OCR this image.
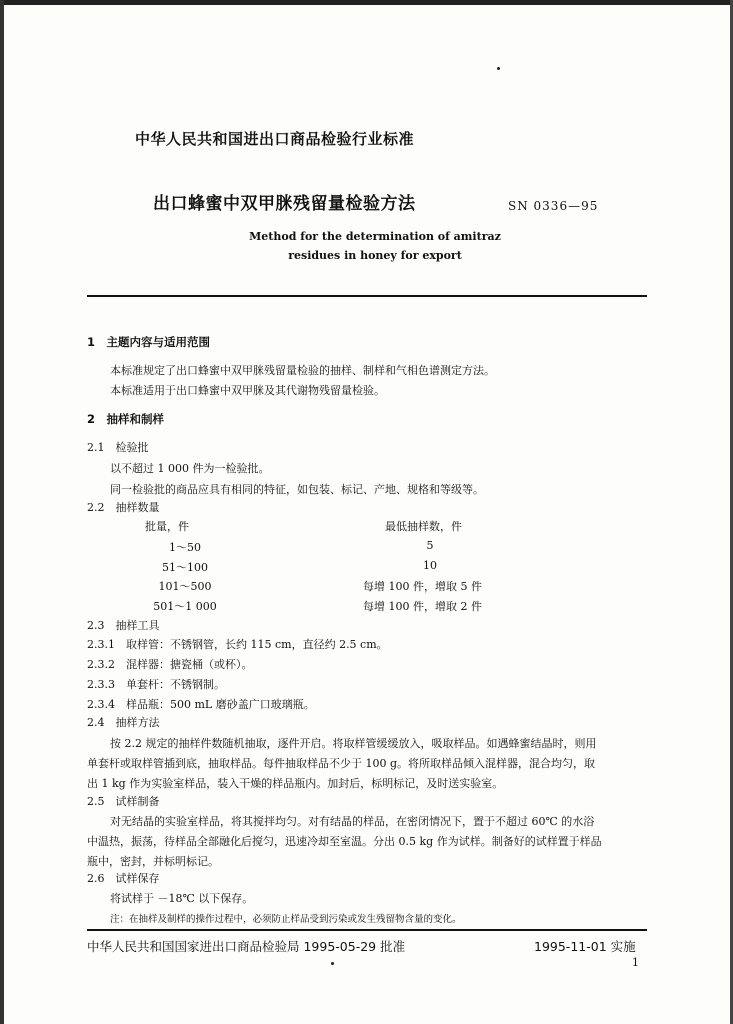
中华人民共和国进出口商品检验行业标准
出口蜂蜜中双甲脒残留量检验方法	SN 0336—95
Method for the determination of amitraz
residues in honey for export
1　主题内容与适用范围
本标准规定了出口蜂蜜中双甲脒残留量检验的抽样、制样和气相色谱测定方法。
本标准适用于出口蜂蜜中双甲脒及其代谢物残留量检验。
2　抽样和制样
2.1　检验批
以不超过 1 000 件为一检验批。
同一检验批的商品应具有相同的特征，如包装、标记、产地、规格和等级等。
2.2　抽样数量
批量，件	最低抽样数，件
1～50	5
51～100	10
101～500	每增 100 件，增取 5 件
501～1 000	每增 100 件，增取 2 件
2.3　抽样工具
2.3.1　取样管：不锈钢管，长约 115 cm，直径约 2.5 cm。
2.3.2　混样器：搪瓷桶（或杯）。
2.3.3　单套杆：不锈钢制。
2.3.4　样品瓶：500 mL 磨砂盖广口玻璃瓶。
2.4　抽样方法
按 2.2 规定的抽样件数随机抽取，逐件开启。将取样管缓缓放入，吸取样品。如遇蜂蜜结晶时，则用
单套杆或取样管插到底，抽取样品。每件抽取样品不少于 100 g。将所取样品倾入混样器，混合均匀，取
出 1 kg 作为实验室样品，装入干燥的样品瓶内。加封后，标明标记，及时送实验室。
2.5　试样制备
对无结晶的实验室样品，将其搅拌均匀。对有结晶的样品，在密闭情况下，置于不超过 60℃ 的水浴
中温热，振荡，待样品全部融化后搅匀，迅速冷却至室温。分出 0.5 kg 作为试样。制备好的试样置于样品
瓶中，密封，并标明标记。
2.6　试样保存
将试样于 －18℃ 以下保存。
注：在抽样及制样的操作过程中，必须防止样品受到污染或发生残留物含量的变化。
中华人民共和国国家进出口商品检验局 1995-05-29 批准	1995-11-01 实施
1
